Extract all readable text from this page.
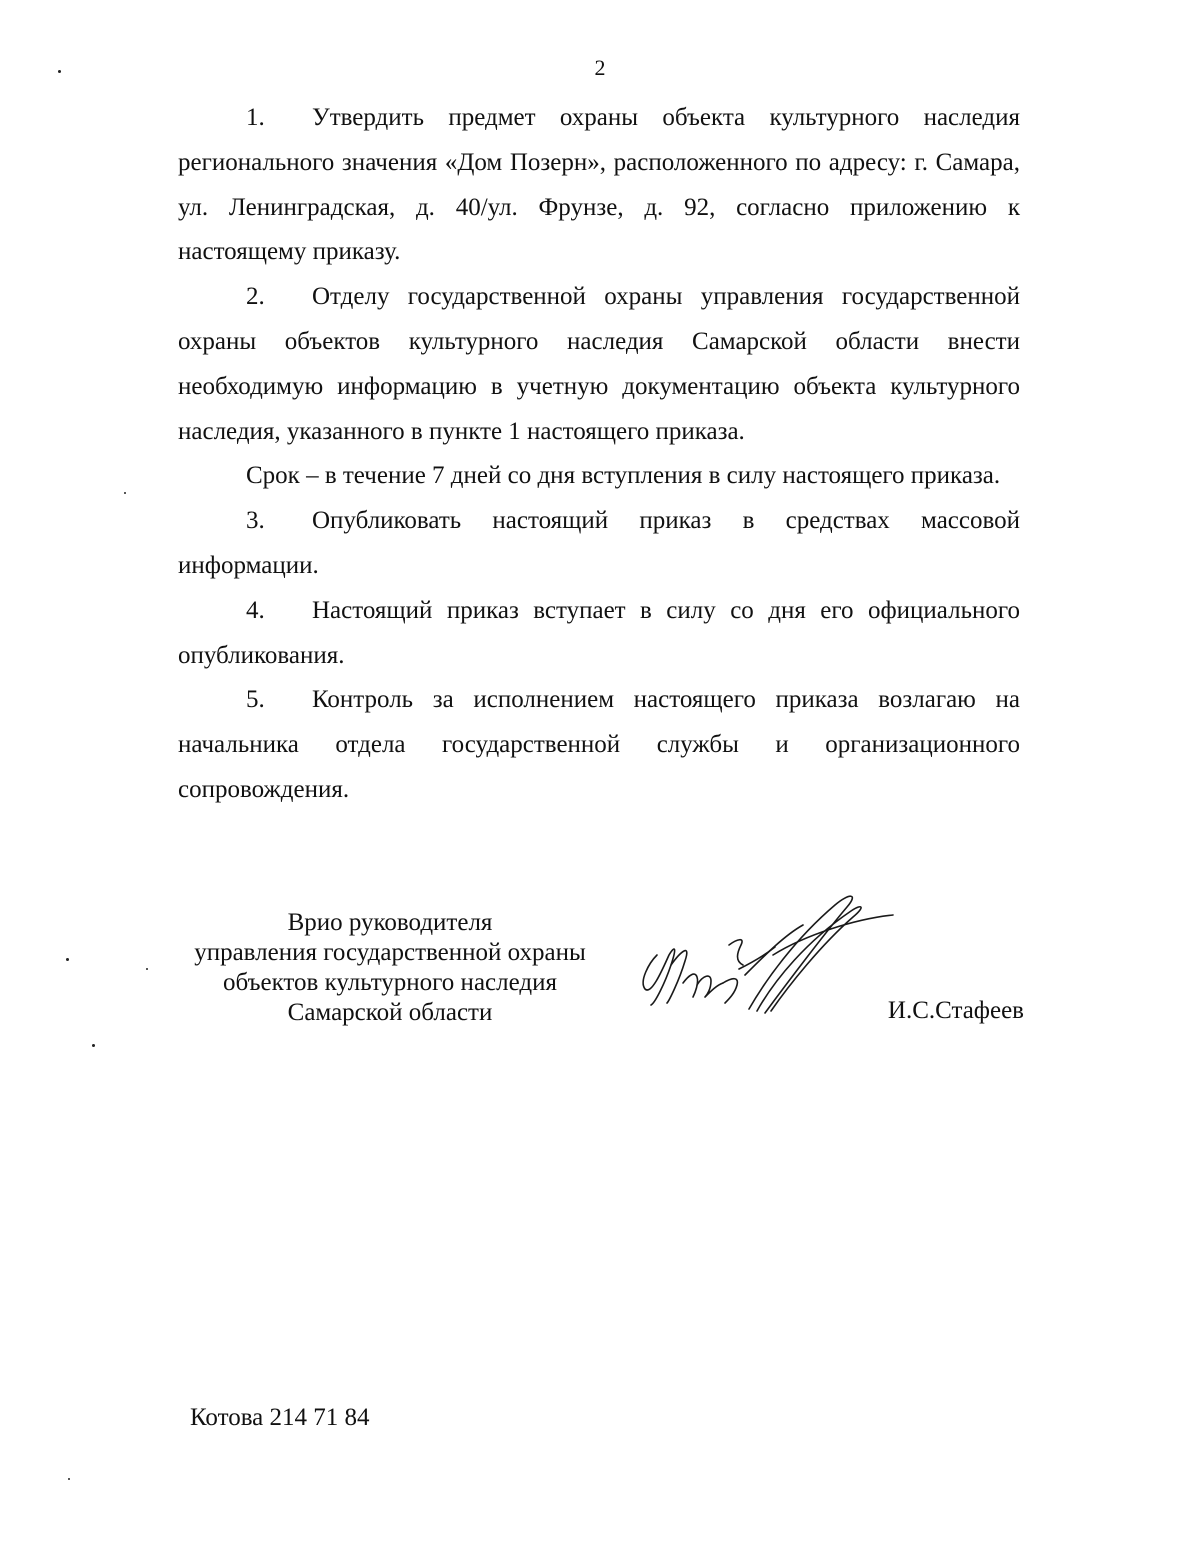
2

1. Утвердить предмет охраны объекта культурного наследия регионального значения «Дом Позерн», расположенного по адресу: г. Самара, ул. Ленинградская, д. 40/ул. Фрунзе, д. 92, согласно приложению к настоящему приказу.

2. Отделу государственной охраны управления государственной охраны объектов культурного наследия Самарской области внести необходимую информацию в учетную документацию объекта культурного наследия, указанного в пункте 1 настоящего приказа.

Срок – в течение 7 дней со дня вступления в силу настоящего приказа.

3. Опубликовать настоящий приказ в средствах массовой информации.

4. Настоящий приказ вступает в силу со дня его официального опубликования.

5. Контроль за исполнением настоящего приказа возлагаю на начальника отдела государственной службы и организационного сопровождения.

Врио руководителя
управления государственной охраны
объектов культурного наследия
Самарской области	И.С.Стафеев
Котова 214 71 84
